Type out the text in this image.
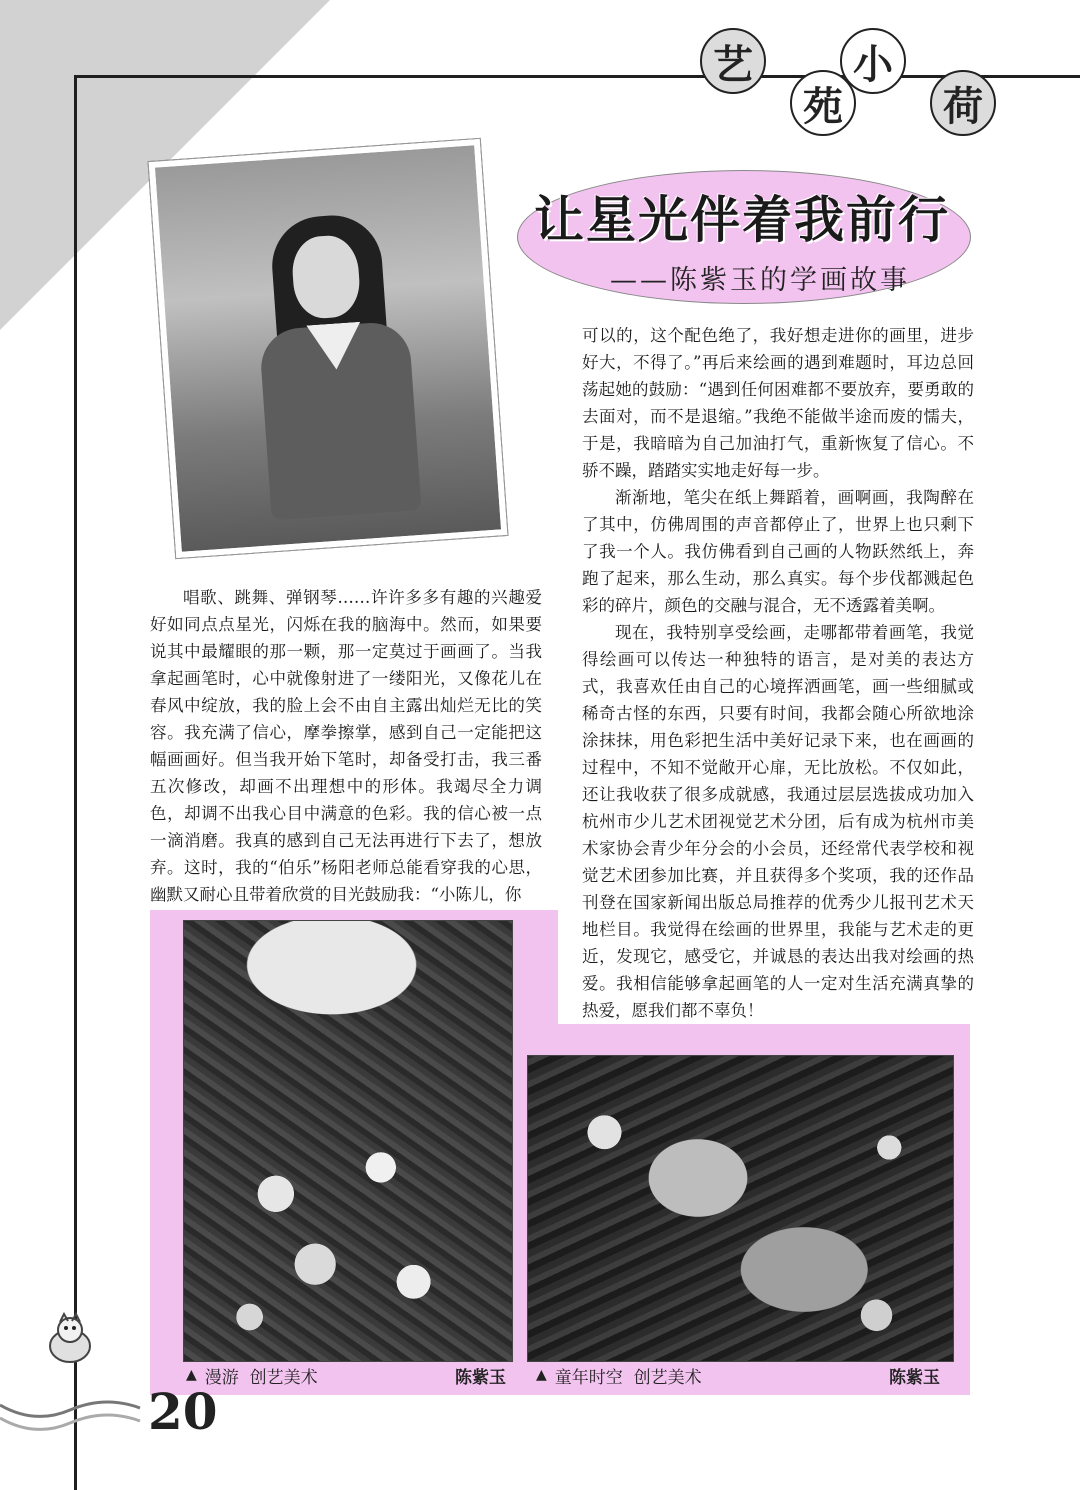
艺
苑
小
荷
让星光伴着我前行
——陈紫玉的学画故事

唱歌、跳舞、弹钢琴……许许多多有趣的兴趣爱好如同点点星光，闪烁在我的脑海中。然而，如果要说其中最耀眼的那一颗，那一定莫过于画画了。当我拿起画笔时，心中就像射进了一缕阳光，又像花儿在春风中绽放，我的脸上会不由自主露出灿烂无比的笑容。我充满了信心，摩拳擦掌，感到自己一定能把这幅画画好。但当我开始下笔时，却备受打击，我三番五次修改，却画不出理想中的形体。我竭尽全力调色，却调不出我心目中满意的色彩。我的信心被一点一滴消磨。我真的感到自己无法再进行下去了，想放弃。这时，我的“伯乐”杨阳老师总能看穿我的心思，幽默又耐心且带着欣赏的目光鼓励我：“小陈儿，你

可以的，这个配色绝了，我好想走进你的画里，进步好大，不得了。”再后来绘画的遇到难题时，耳边总回荡起她的鼓励：“遇到任何困难都不要放弃，要勇敢的去面对，而不是退缩。”我绝不能做半途而废的懦夫，于是，我暗暗为自己加油打气，重新恢复了信心。不骄不躁，踏踏实实地走好每一步。

渐渐地，笔尖在纸上舞蹈着，画啊画，我陶醉在了其中，仿佛周围的声音都停止了，世界上也只剩下了我一个人。我仿佛看到自己画的人物跃然纸上，奔跑了起来，那么生动，那么真实。每个步伐都溅起色彩的碎片，颜色的交融与混合，无不透露着美啊。

现在，我特别享受绘画，走哪都带着画笔，我觉得绘画可以传达一种独特的语言，是对美的表达方式，我喜欢任由自己的心境挥洒画笔，画一些细腻或稀奇古怪的东西，只要有时间，我都会随心所欲地涂涂抹抹，用色彩把生活中美好记录下来，也在画画的过程中，不知不觉敞开心扉，无比放松。不仅如此，还让我收获了很多成就感，我通过层层选拔成功加入杭州市少儿艺术团视觉艺术分团，后有成为杭州市美术家协会青少年分会的小会员，还经常代表学校和视觉艺术团参加比赛，并且获得多个奖项，我的还作品刊登在国家新闻出版总局推荐的优秀少儿报刊艺术天地栏目。我觉得在绘画的世界里，我能与艺术走的更近，发现它，感受它，并诚恳的表达出我对绘画的热爱。我相信能够拿起画笔的人一定对生活充满真挚的热爱，愿我们都不辜负！

▲ 漫游  创艺美术	陈紫玉 ▲ 童年时空  创艺美术	陈紫玉
20
